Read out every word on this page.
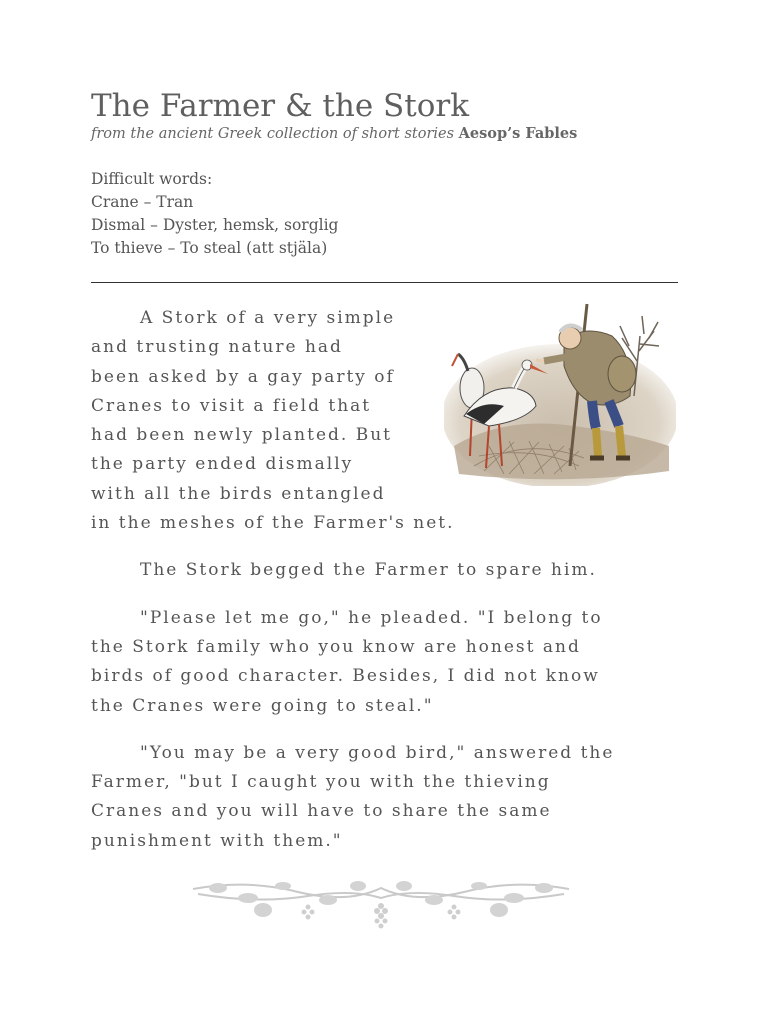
The Farmer & the Stork
from the ancient Greek collection of short stories Aesop’s Fables
Difficult words:
Crane – Tran
Dismal – Dyster, hemsk, sorglig
To thieve – To steal (att stjäla)

A Stork of a very simple
and trusting nature had
been asked by a gay party of
Cranes to visit a field that
had been newly planted. But
the party ended dismally
with all the birds entangled
in the meshes of the Farmer's net.

The Stork begged the Farmer to spare him.

"Please let me go," he pleaded. "I belong to
the Stork family who you know are honest and
birds of good character. Besides, I did not know
the Cranes were going to steal."

"You may be a very good bird," answered the
Farmer, "but I caught you with the thieving
Cranes and you will have to share the same
punishment with them."
